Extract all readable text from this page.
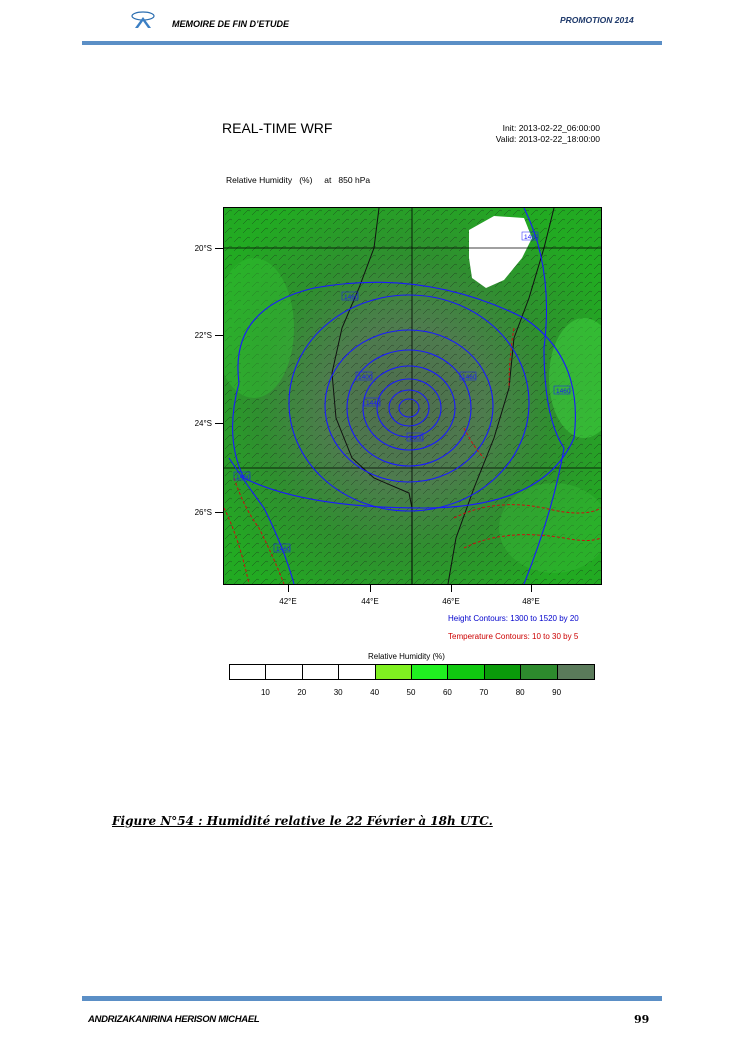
MEMOIRE DE FIN D’ETUDE	PROMOTION 2014
REAL-TIME WRF	Init: 2013-02-22_06:00:00
Valid: 2013-02-22_18:00:00

Relative Humidity   (%)     at   850 hPa

1460
1460
1400	1460
1460
1440
1400
1460
1460
20°S
22°S
24°S
26°S
42°E	44°E	46°E	48°E
Height Contours: 1300 to 1520 by 20
Temperature Contours: 10 to 30 by 5
Relative Humidity (%)
10	20	30	40	50	60	70	80	90
Figure N°54 : Humidité relative le 22 Février à 18h UTC.
ANDRIZAKANIRINA HERISON MICHAEL	99
